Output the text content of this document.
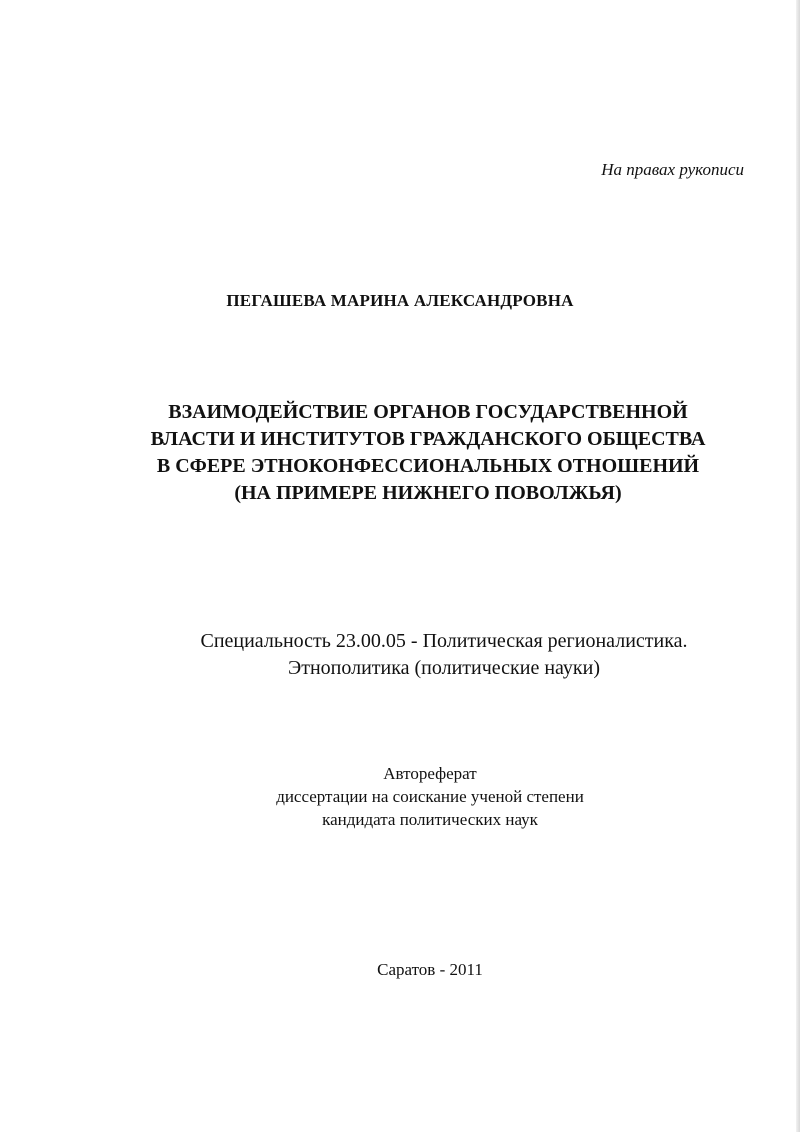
На правах рукописи
ПЕГАШЕВА МАРИНА АЛЕКСАНДРОВНА
ВЗАИМОДЕЙСТВИЕ ОРГАНОВ ГОСУДАРСТВЕННОЙ
ВЛАСТИ И ИНСТИТУТОВ ГРАЖДАНСКОГО ОБЩЕСТВА
В СФЕРЕ ЭТНОКОНФЕССИОНАЛЬНЫХ ОТНОШЕНИЙ
(НА ПРИМЕРЕ НИЖНЕГО ПОВОЛЖЬЯ)
Специальность 23.00.05 - Политическая регионалистика.
Этнополитика (политические науки)
Автореферат
диссертации на соискание ученой степени
кандидата политических наук
Саратов - 2011
